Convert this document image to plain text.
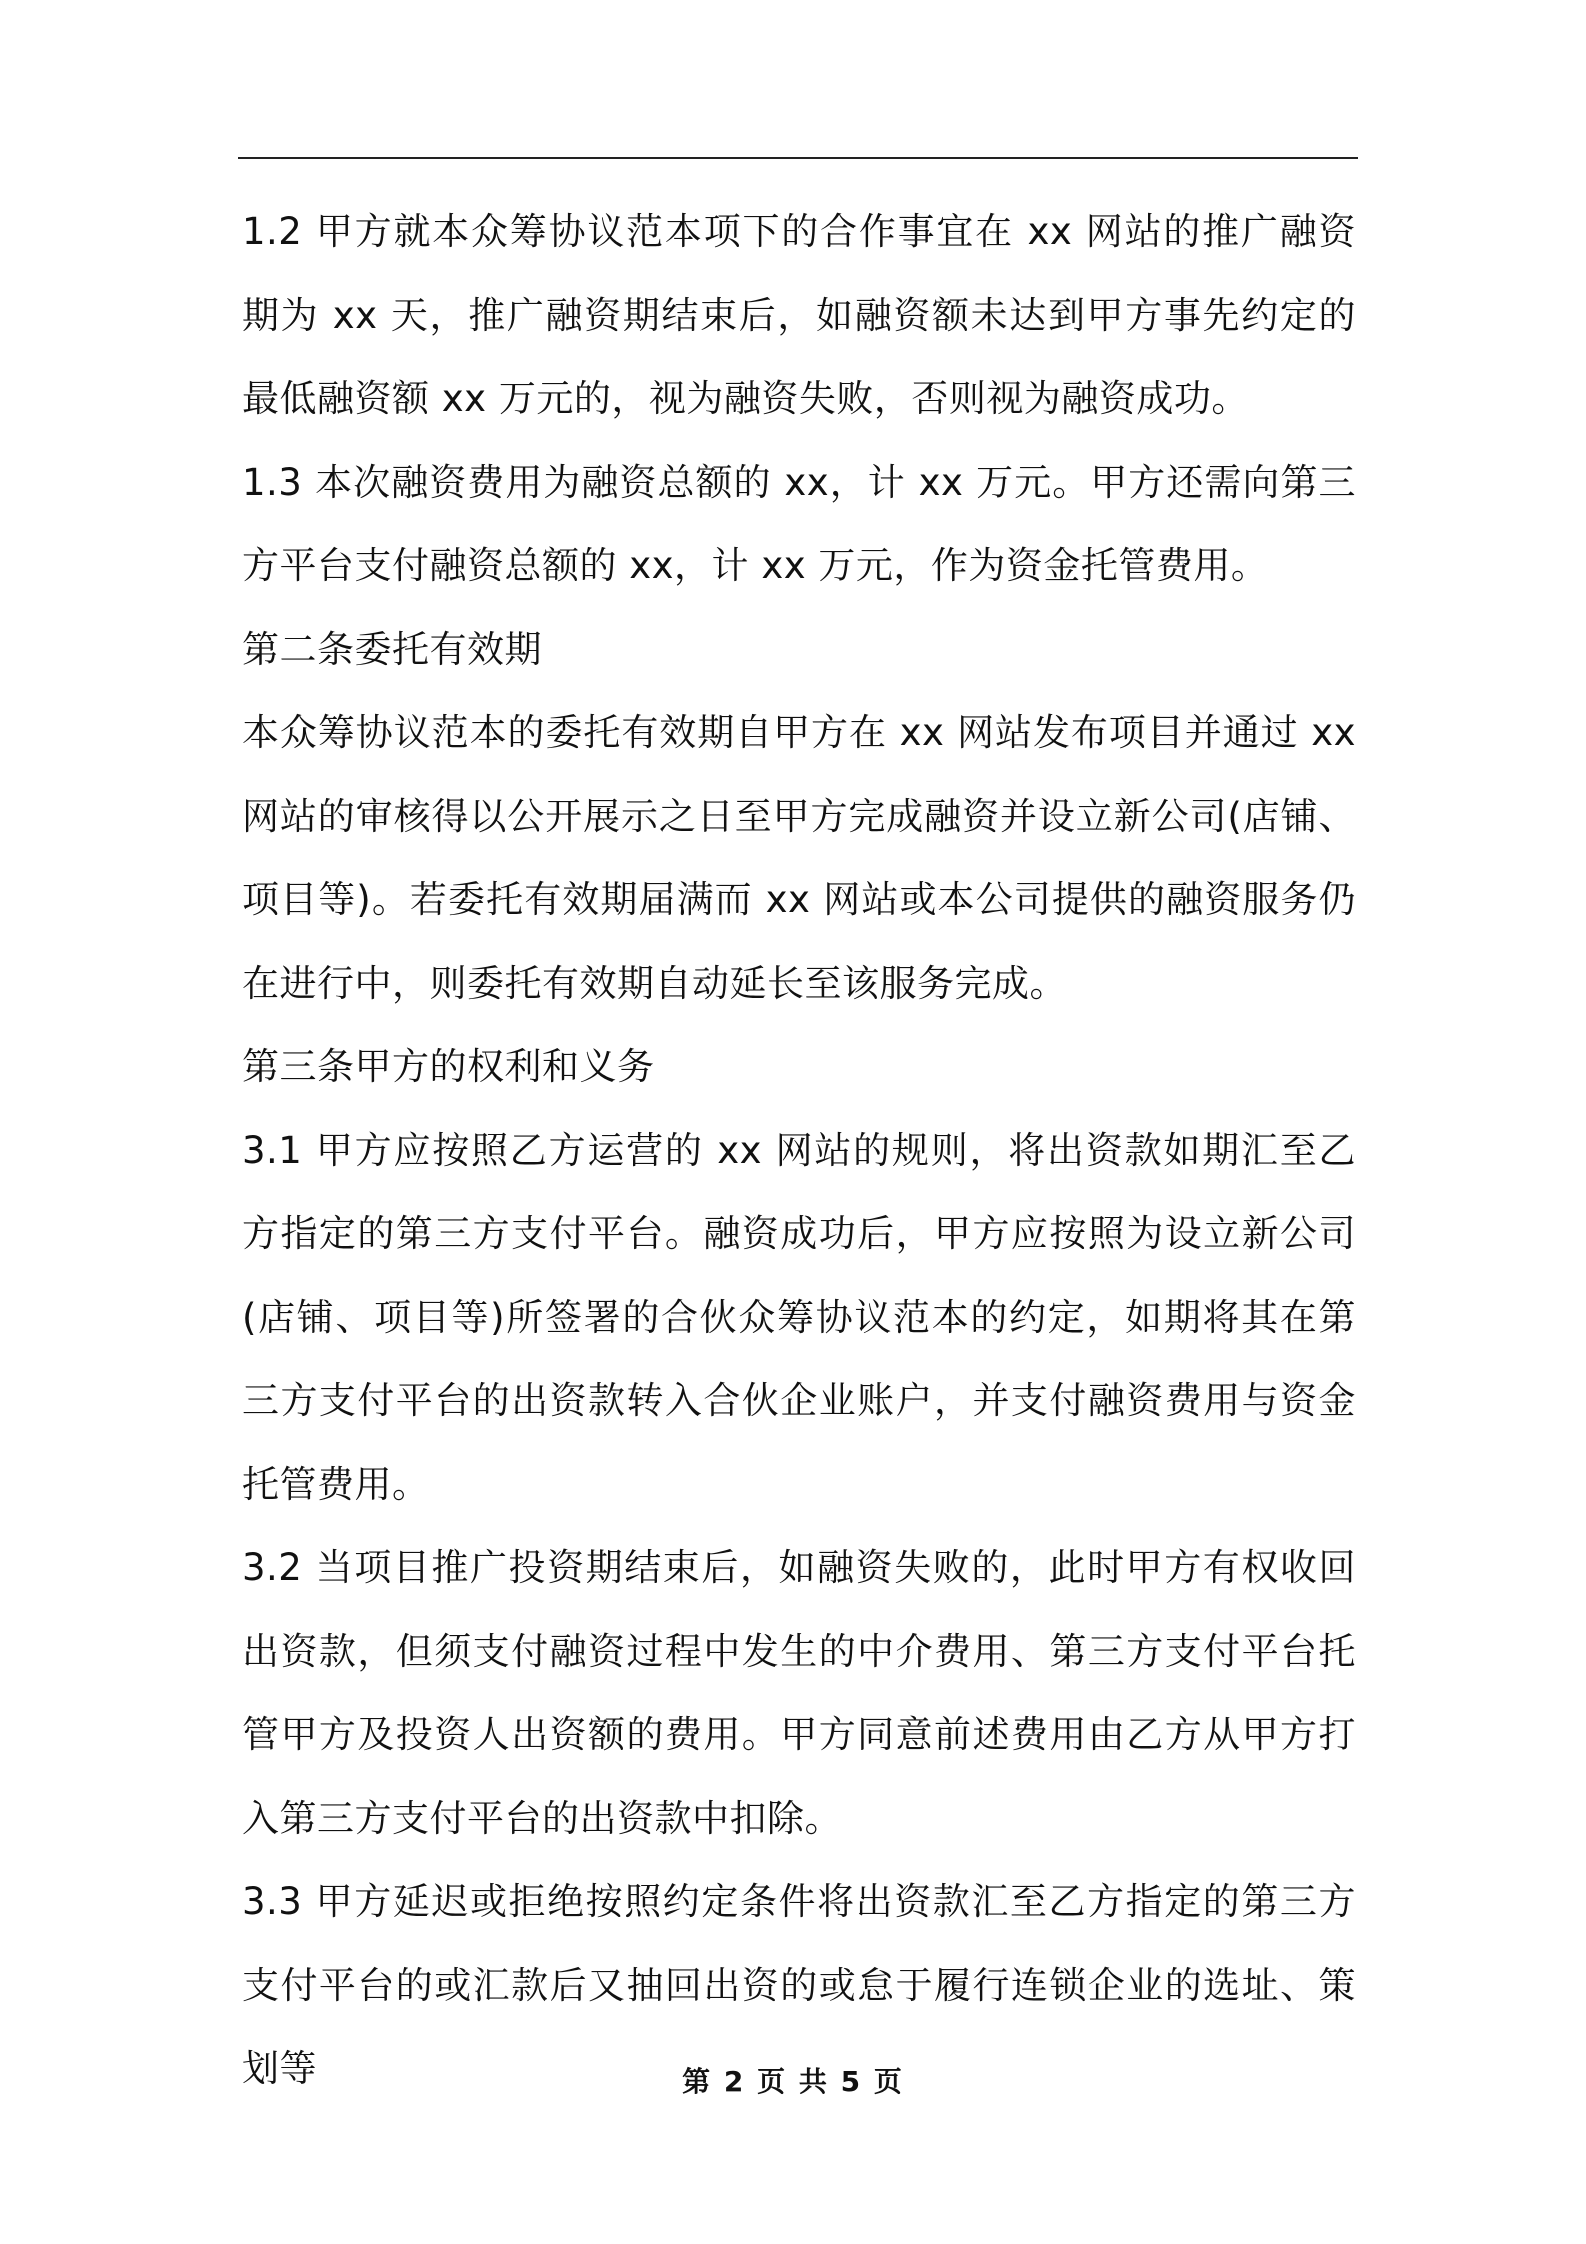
1.2 甲方就本众筹协议范本项下的合作事宜在 xx 网站的推广融资期为 xx 天，推广融资期结束后，如融资额未达到甲方事先约定的最低融资额 xx 万元的，视为融资失败，否则视为融资成功。

1.3 本次融资费用为融资总额的 xx，计 xx 万元。甲方还需向第三方平台支付融资总额的 xx，计 xx 万元，作为资金托管费用。

第二条委托有效期

本众筹协议范本的委托有效期自甲方在 xx 网站发布项目并通过 xx 网站的审核得以公开展示之日至甲方完成融资并设立新公司(店铺、项目等)。若委托有效期届满而 xx 网站或本公司提供的融资服务仍在进行中，则委托有效期自动延长至该服务完成。

第三条甲方的权利和义务

3.1 甲方应按照乙方运营的 xx 网站的规则，将出资款如期汇至乙方指定的第三方支付平台。融资成功后，甲方应按照为设立新公司(店铺、项目等)所签署的合伙众筹协议范本的约定，如期将其在第三方支付平台的出资款转入合伙企业账户，并支付融资费用与资金托管费用。

3.2 当项目推广投资期结束后，如融资失败的，此时甲方有权收回出资款，但须支付融资过程中发生的中介费用、第三方支付平台托管甲方及投资人出资额的费用。甲方同意前述费用由乙方从甲方打入第三方支付平台的出资款中扣除。

3.3 甲方延迟或拒绝按照约定条件将出资款汇至乙方指定的第三方支付平台的或汇款后又抽回出资的或怠于履行连锁企业的选址、策划等	第 2 页 共 5 页
